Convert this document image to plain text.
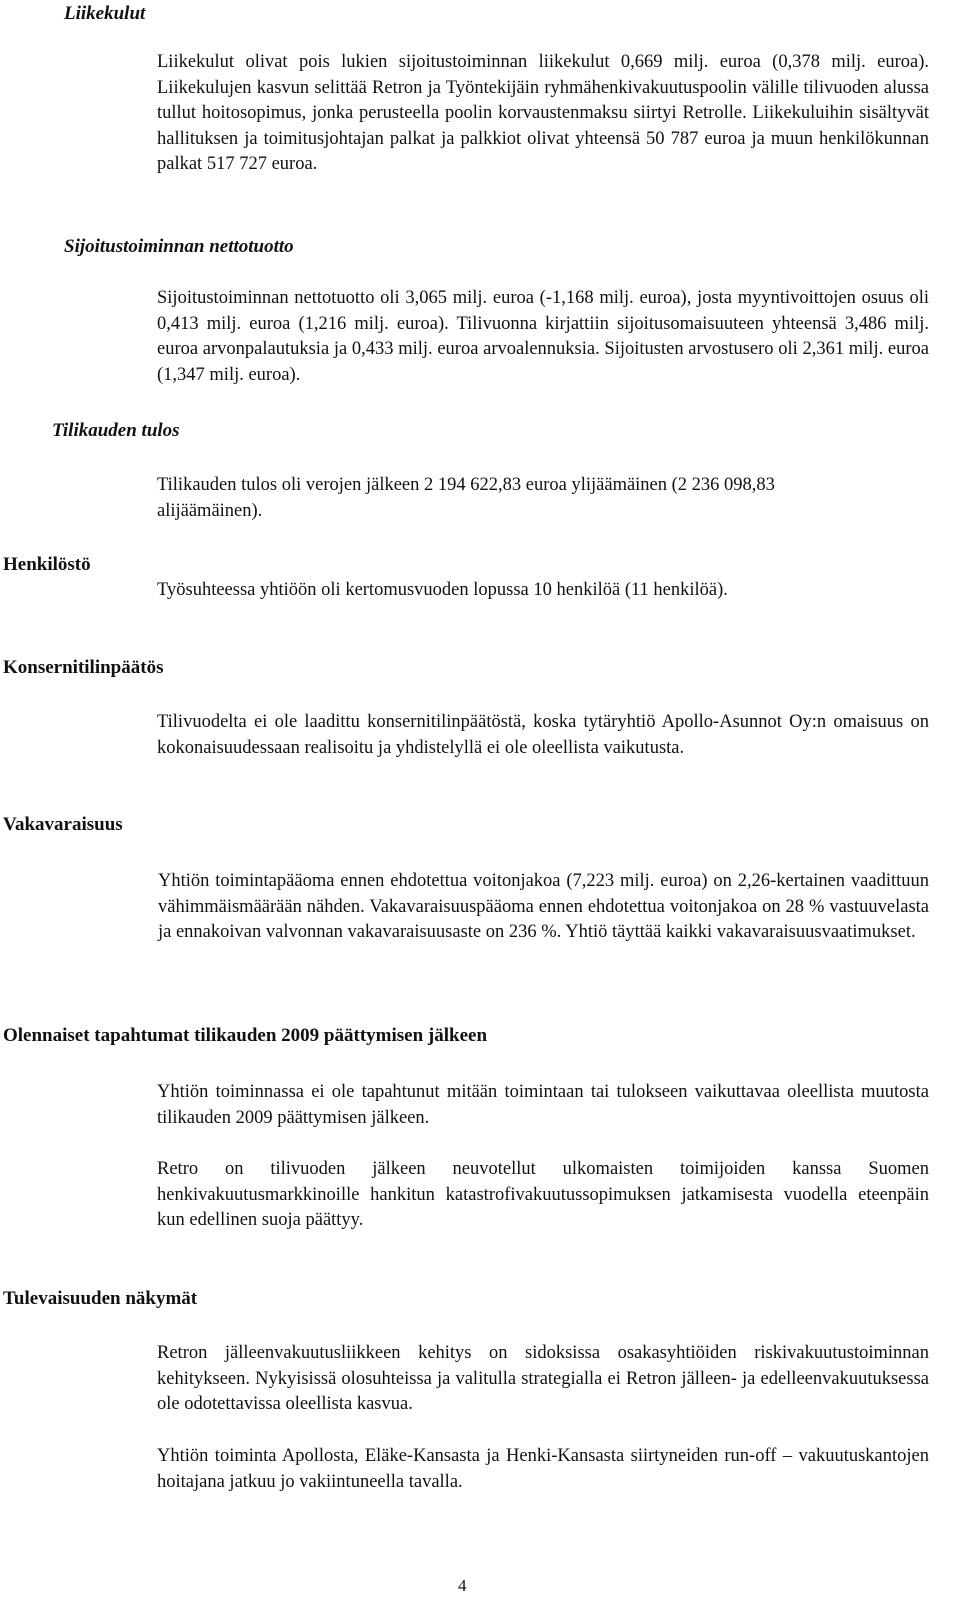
Liikekulut

Liikekulut olivat pois lukien sijoitustoiminnan liikekulut 0,669 milj. euroa (0,378 milj. euroa). Liikekulujen kasvun selittää Retron ja Työntekijäin ryhmähenkivakuutuspoolin välille tilivuoden alussa tullut hoitosopimus, jonka perusteella poolin korvaustenmaksu siirtyi Retrolle. Liikekuluihin sisältyvät hallituksen ja toimitusjohtajan palkat ja palkkiot olivat yhteensä 50 787 euroa ja muun henkilökunnan palkat 517 727 euroa.

Sijoitustoiminnan nettotuotto

Sijoitustoiminnan nettotuotto oli 3,065 milj. euroa (-1,168 milj. euroa), josta myyntivoittojen osuus oli 0,413 milj. euroa (1,216 milj. euroa). Tilivuonna kirjattiin sijoitusomaisuuteen yhteensä 3,486 milj. euroa arvonpalautuksia ja 0,433 milj. euroa arvoalennuksia. Sijoitusten arvostusero oli 2,361 milj. euroa (1,347 milj. euroa).

Tilikauden tulos

Tilikauden tulos oli verojen jälkeen 2 194 622,83 euroa ylijäämäinen (2 236 098,83 alijäämäinen).

Henkilöstö

Työsuhteessa yhtiöön oli kertomusvuoden lopussa 10 henkilöä (11 henkilöä).

Konsernitilinpäätös

Tilivuodelta ei ole laadittu konsernitilinpäätöstä, koska tytäryhtiö Apollo-Asunnot Oy:n omaisuus on kokonaisuudessaan realisoitu ja yhdistelyllä ei ole oleellista vaikutusta.

Vakavaraisuus

Yhtiön toimintapääoma ennen ehdotettua voitonjakoa (7,223 milj. euroa) on 2,26-kertainen vaadittuun vähimmäismäärään nähden. Vakavaraisuuspääoma ennen ehdotettua voitonjakoa on 28 % vastuuvelasta ja ennakoivan valvonnan vakavaraisuusaste on 236 %. Yhtiö täyttää kaikki vakavaraisuusvaatimukset.

Olennaiset tapahtumat tilikauden 2009 päättymisen jälkeen

Yhtiön toiminnassa ei ole tapahtunut mitään toimintaan tai tulokseen vaikuttavaa oleellista muutosta tilikauden 2009 päättymisen jälkeen.

Retro on tilivuoden jälkeen neuvotellut ulkomaisten toimijoiden kanssa Suomen henkivakuutusmarkkinoille hankitun katastrofivakuutussopimuksen jatkamisesta vuodella eteenpäin kun edellinen suoja päättyy.

Tulevaisuuden näkymät

Retron jälleenvakuutusliikkeen kehitys on sidoksissa osakasyhtiöiden riskivakuutustoiminnan kehitykseen. Nykyisissä olosuhteissa ja valitulla strategialla ei Retron jälleen- ja edelleenvakuutuksessa ole odotettavissa oleellista kasvua.

Yhtiön toiminta Apollosta, Eläke-Kansasta ja Henki-Kansasta siirtyneiden run-off – vakuutuskantojen hoitajana jatkuu jo vakiintuneella tavalla.

4
